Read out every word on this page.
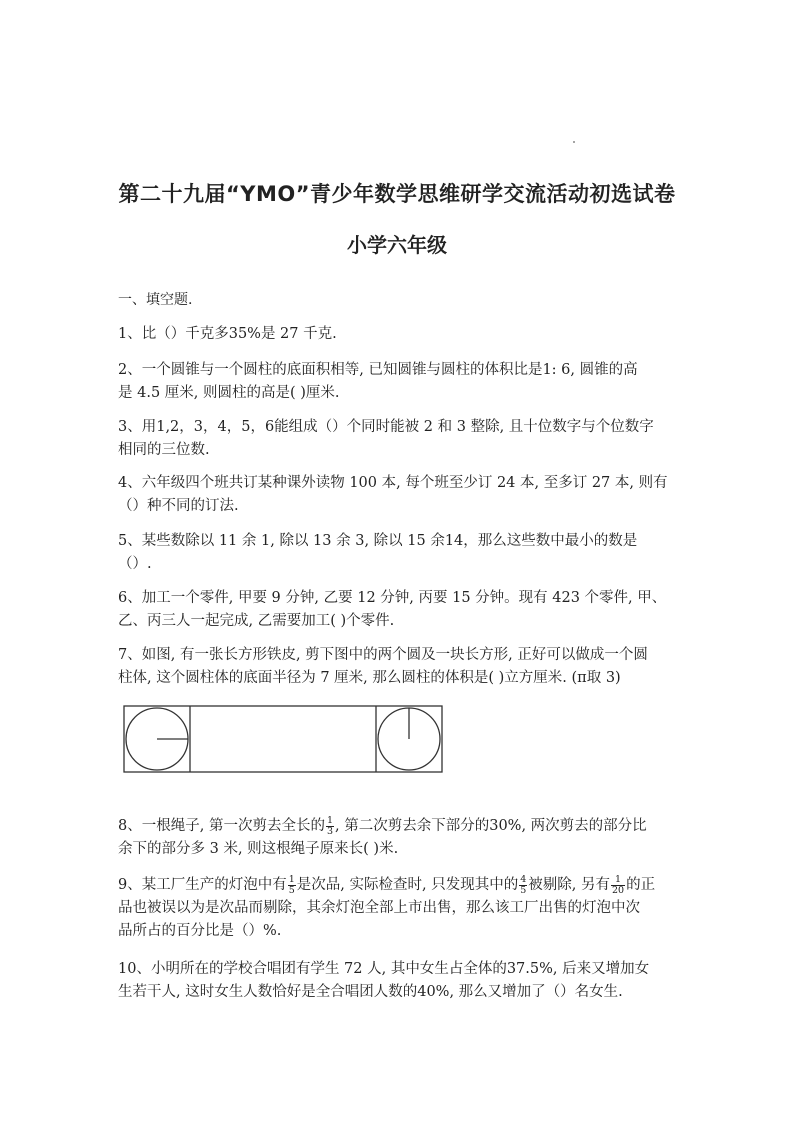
第二十九届“YMO”青少年数学思维研学交流活动初选试卷
小学六年级
一、填空题.
1、比（）千克多35%是 27 千克.
2、一个圆锥与一个圆柱的底面积相等, 已知圆锥与圆柱的体积比是1: 6, 圆锥的高
是 4.5 厘米, 则圆柱的高是( )厘米.
3、用1,2，3，4，5，6能组成（）个同时能被 2 和 3 整除, 且十位数字与个位数字
相同的三位数.
4、六年级四个班共订某种课外读物 100 本, 每个班至少订 24 本, 至多订 27 本, 则有
（）种不同的订法.
5、某些数除以 11 余 1, 除以 13 余 3, 除以 15 余14，那么这些数中最小的数是
（）.
6、加工一个零件, 甲要 9 分钟, 乙要 12 分钟, 丙要 15 分钟。现有 423 个零件, 甲、
乙、丙三人一起完成, 乙需要加工( )个零件.
7、如图, 有一张长方形铁皮, 剪下图中的两个圆及一块长方形, 正好可以做成一个圆
柱体, 这个圆柱体的底面半径为 7 厘米, 那么圆柱的体积是( )立方厘米. (π取 3)
8、一根绳子, 第一次剪去全长的 $\frac{1}{3}$ , 第二次剪去余下部分的30%, 两次剪去的部分比
余下的部分多 3 米, 则这根绳子原来长( )米.
9、某工厂生产的灯泡中有 $\frac{1}{5}$ 是次品, 实际检查时, 只发现其中的 $\frac{4}{5}$ 被剔除, 另有 $\frac{1}{20}$ 的正
品也被误以为是次品而剔除，其余灯泡全部上市出售，那么该工厂出售的灯泡中次
品所占的百分比是（）%.
10、小明所在的学校合唱团有学生 72 人, 其中女生占全体的37.5%, 后来又增加女
生若干人, 这时女生人数恰好是全合唱团人数的40%, 那么又增加了（）名女生.
